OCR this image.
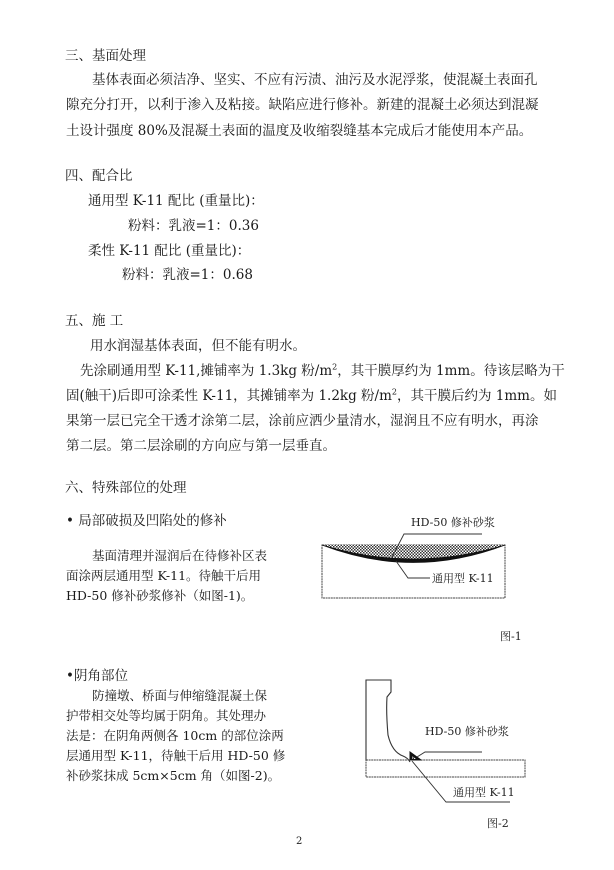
三、基面处理
基体表面必须洁净、坚实、不应有污渍、油污及水泥浮浆，使混凝土表面孔
隙充分打开，以利于渗入及粘接。缺陷应进行修补。新建的混凝土必须达到混凝
土设计强度 80%及混凝土表面的温度及收缩裂缝基本完成后才能使用本产品。
四、配合比
通用型 K-11 配比 (重量比)：
粉料：乳液=1：0.36
柔性 K-11 配比 (重量比)：
粉料：乳液=1：0.68
五、施 工
用水润湿基体表面，但不能有明水。
先涂刷通用型 K-11,摊铺率为 1.3kg 粉$/m^2$，其干膜厚约为 1mm。待该层略为干
固(触干)后即可涂柔性 K-11，其摊铺率为 1.2kg 粉$/m^2$，其干膜后约为 1mm。如
果第一层已完全干透才涂第二层，涂前应洒少量清水，湿润且不应有明水，再涂
第二层。第二层涂刷的方向应与第一层垂直。
六、特殊部位的处理
• 局部破损及凹陷处的修补
基面清理并湿润后在待修补区表
面涂两层通用型 K-11。待触干后用
HD-50 修补砂浆修补（如图-1)。
•阴角部位
防撞墩、桥面与伸缩缝混凝土保
护带相交处等均属于阴角。其处理办
法是：在阴角两侧各 10cm 的部位涂两
层通用型 K-11，待触干后用 HD-50 修
补砂浆抹成 5cm×5cm 角（如图-2)。
HD-50 修补砂浆
通用型 K-11
图-1
HD-50 修补砂浆
通用型 K-11
图-2
2
